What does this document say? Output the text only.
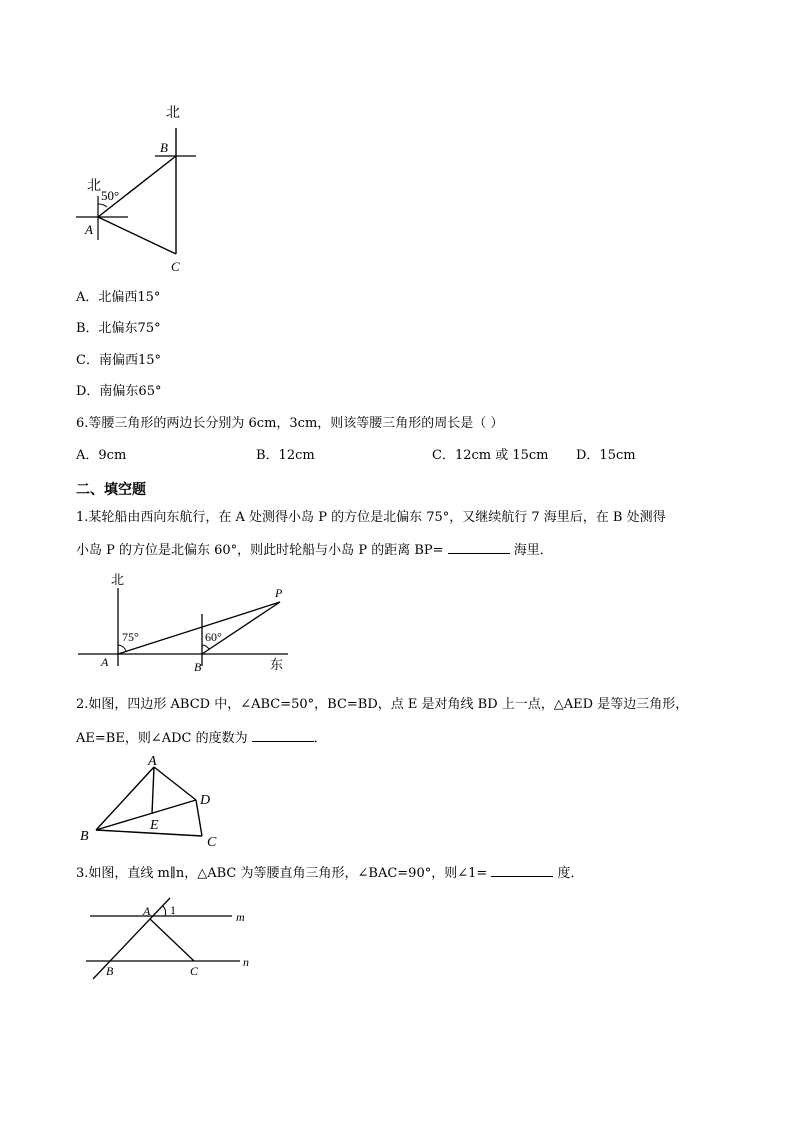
北
北
50°
A
B
C
A．北偏西15°
B．北偏东75°
C．南偏西15°
D．南偏东65°
6.等腰三角形的两边长分别为 6cm，3cm，则该等腰三角形的周长是（ ）
A．9cm	B．12cm	C．12cm 或 15cm D．15cm
二、填空题
1.某轮船由西向东航行，在 A 处测得小岛 P 的方位是北偏东 75°，又继续航行 7 海里后，在 B 处测得
小岛 P 的方位是北偏东 60°，则此时轮船与小岛 P 的距离 BP=	海里．
北
东
75°	60°
A	B
P
2.如图，四边形 ABCD 中，∠ABC=50°，BC=BD，点 E 是对角线 BD 上一点，△AED 是等边三角形，
AE=BE，则∠ADC 的度数为	．
A
B	C
D
E
3.如图，直线 m∥n，△ABC 为等腰直角三角形，∠BAC=90°，则∠1=	度．
A 1	m
n
B	C
